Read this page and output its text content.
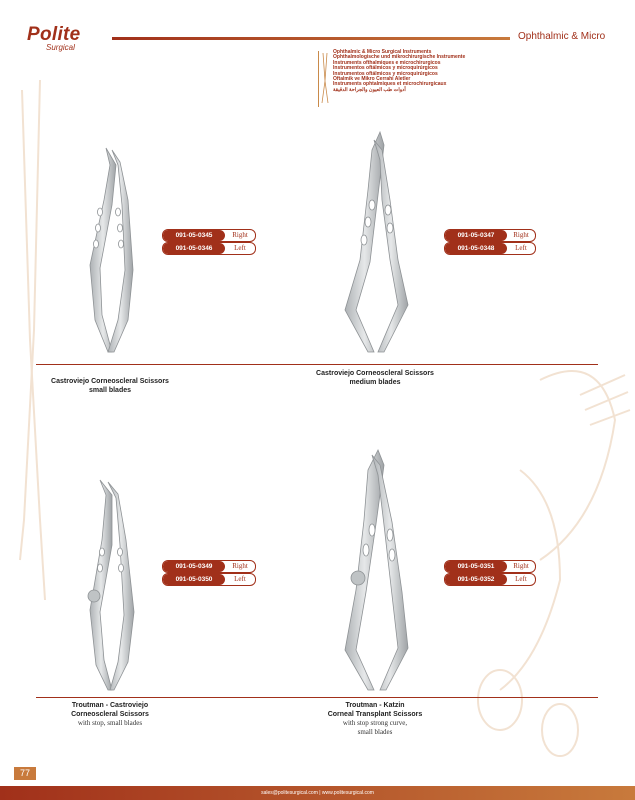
Polite
Surgical
Ophthalmic & Micro
Ophthalmic & Micro Surgical Instruments
Ophthalmologische und mikrochirurgische Instrumente
Instruments ofthalmiques e microchirurgicos
Instrumentos oftálmicos y microquirúrgicos
Instrumentos oftálmicos y microquirúrgicos
Oftalmik ve Mikro Cerrahi Aletler
Instruments ophtalmiques et microchirurgicaux
أدوات طب العيون والجراحة الدقيقة
091-05-0345	Right
091-05-0346	Left
091-05-0347	Right
091-05-0348	Left
091-05-0349	Right
091-05-0350	Left
091-05-0351	Right
091-05-0352	Left
Castroviejo Corneoscleral Scissors
small blades
Castroviejo Corneoscleral Scissors
medium blades
Troutman - Castroviejo
Corneoscleral Scissors
with stop, small blades
Troutman - Katzin
Corneal Transplant Scissors
with stop strong curve,
small blades
77
sales@politesurgical.com | www.politesurgical.com
